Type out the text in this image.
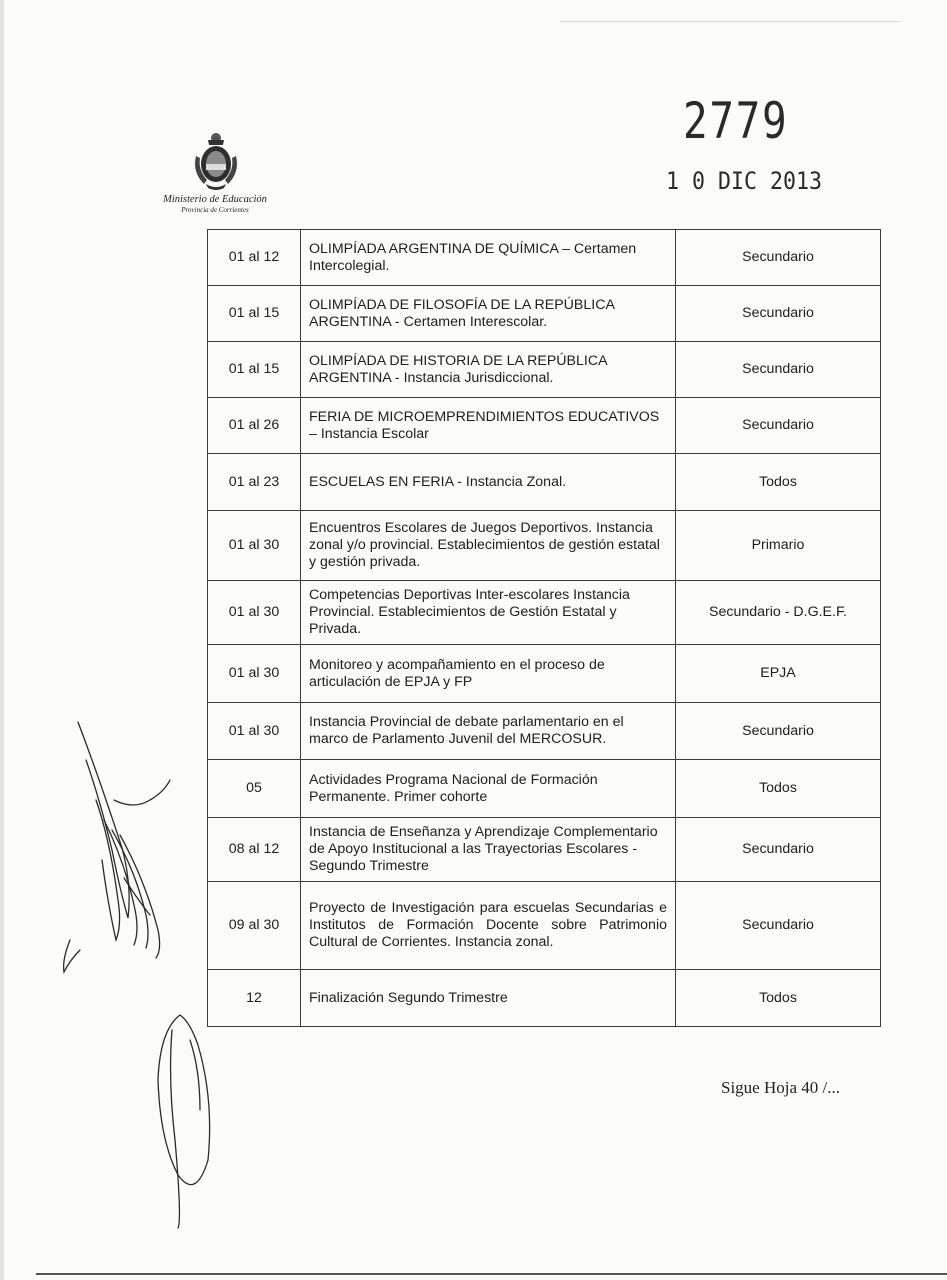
Ministerio de Educación
Provincia de Corrientes
2779
1 0 DIC 2013
01 al 12	OLIMPÍADA ARGENTINA DE QUÍMICA – Certamen Intercolegial.	Secundario
01 al 15	OLIMPÍADA DE FILOSOFÍA DE LA REPÚBLICA ARGENTINA - Certamen Interescolar.	Secundario
01 al 15	OLIMPÍADA DE HISTORIA DE LA REPÚBLICA ARGENTINA - Instancia Jurisdiccional.	Secundario
01 al 26	FERIA DE MICROEMPRENDIMIENTOS EDUCATIVOS – Instancia Escolar	Secundario
01 al 23	ESCUELAS EN FERIA - Instancia Zonal.	Todos
01 al 30	Encuentros Escolares de Juegos Deportivos. Instancia zonal y/o provincial. Establecimientos de gestión estatal y gestión privada.	Primario
01 al 30	Competencias Deportivas Inter-escolares Instancia Provincial. Establecimientos de Gestión Estatal y Privada.	Secundario - D.G.E.F.
01 al 30	Monitoreo y acompañamiento en el proceso de articulación de EPJA y FP	EPJA
01 al 30	Instancia Provincial de debate parlamentario en el marco de Parlamento Juvenil del MERCOSUR.	Secundario
05	Actividades Programa Nacional de Formación Permanente. Primer cohorte	Todos
08 al 12	Instancia de Enseñanza y Aprendizaje Complementario de Apoyo Institucional a las Trayectorias Escolares -Segundo Trimestre	Secundario
09 al 30	Proyecto de Investigación para escuelas Secundarias e Institutos de Formación Docente sobre Patrimonio Cultural de Corrientes. Instancia zonal.	Secundario
12	Finalización Segundo Trimestre	Todos
Sigue Hoja 40 /...
